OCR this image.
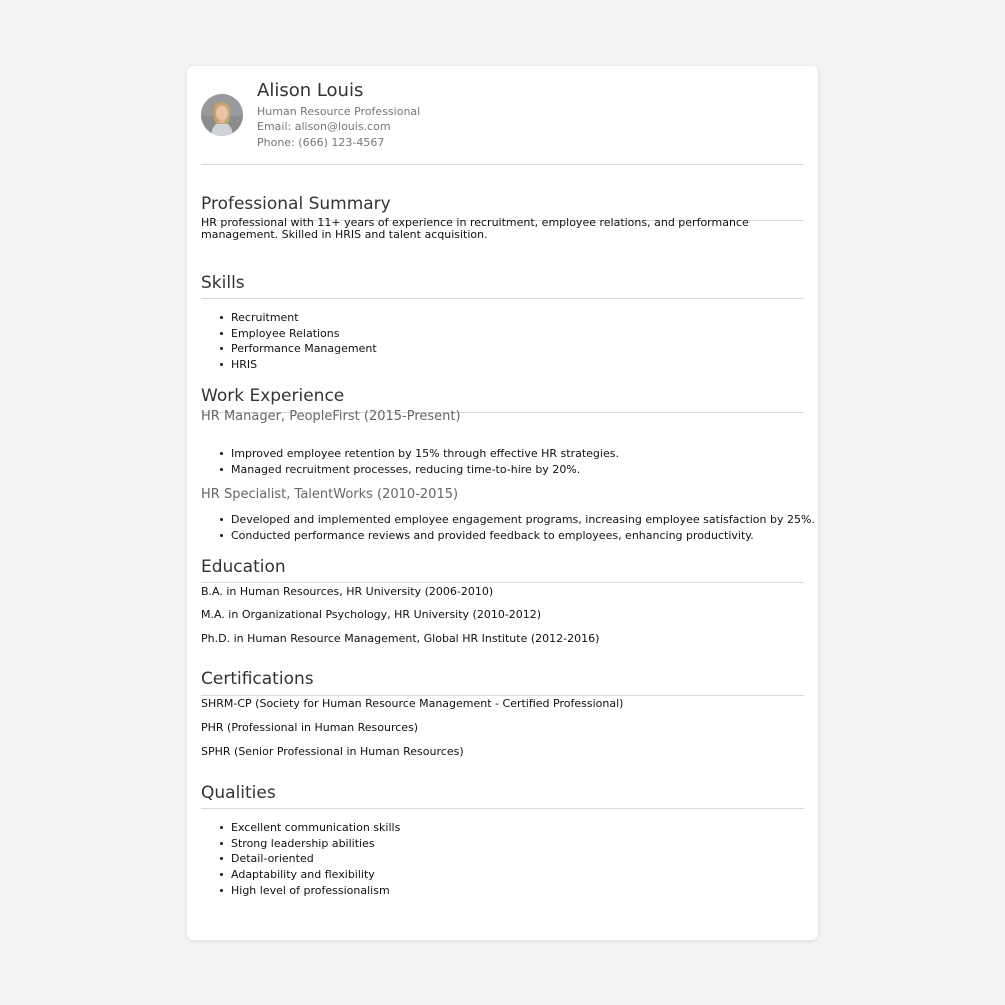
Alison Louis
Human Resource Professional
Email: alison@louis.com
Phone: (666) 123-4567
Professional Summary
HR professional with 11+ years of experience in recruitment, employee relations, and performance management. Skilled in HRIS and talent acquisition.
Skills
Recruitment
Employee Relations
Performance Management
HRIS
Work Experience
HR Manager, PeopleFirst (2015-Present)
Improved employee retention by 15% through effective HR strategies.
Managed recruitment processes, reducing time-to-hire by 20%.
HR Specialist, TalentWorks (2010-2015)
Developed and implemented employee engagement programs, increasing employee satisfaction by 25%.
Conducted performance reviews and provided feedback to employees, enhancing productivity.
Education
B.A. in Human Resources, HR University (2006-2010)
M.A. in Organizational Psychology, HR University (2010-2012)
Ph.D. in Human Resource Management, Global HR Institute (2012-2016)
Certifications
SHRM-CP (Society for Human Resource Management - Certified Professional)
PHR (Professional in Human Resources)
SPHR (Senior Professional in Human Resources)
Qualities
Excellent communication skills
Strong leadership abilities
Detail-oriented
Adaptability and flexibility
High level of professionalism
